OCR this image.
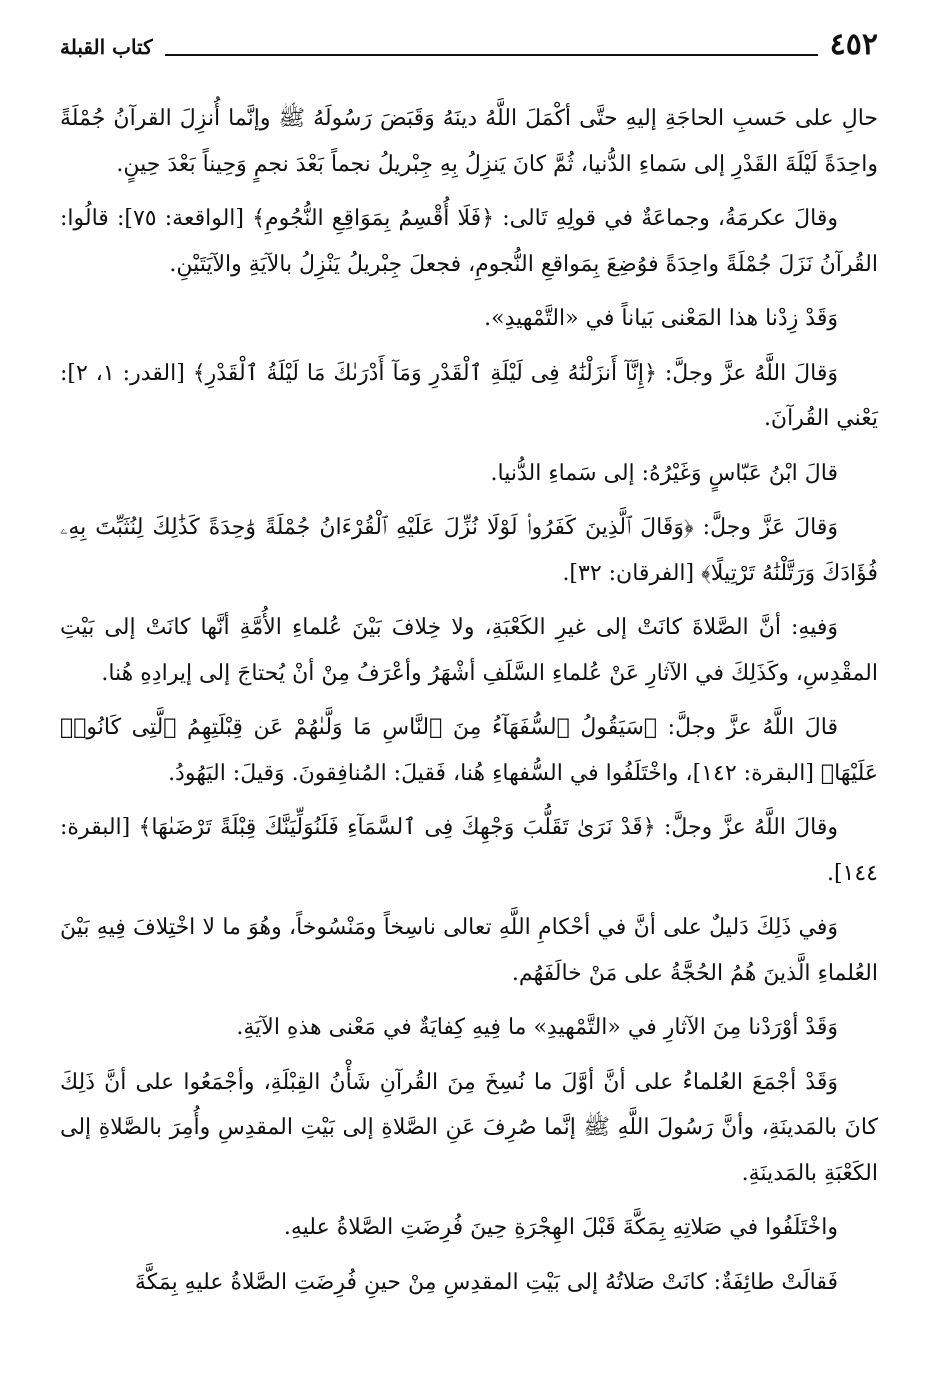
٤٥٢
كتاب القبلة

حالِ على حَسبِ الحاجَةِ إليهِ حتَّى أكْمَلَ اللَّهُ دينَهُ وَقَبَضَ رَسُولَهُ ﷺ وإنَّما أُنزِلَ القرآنُ جُمْلَةً واحِدَةً لَيْلَةَ القَدْرِ إلى سَماءِ الدُّنيا، ثُمَّ كانَ يَنزِلُ بِهِ جِبْريلُ نجماً بَعْدَ نجمٍ وَحِيناً بَعْدَ حِينٍ.

وقالَ عكرمَةُ، وجماعَةٌ في قولِهِ تَالى: ﴿فَلَا أُقْسِمُ بِمَوَاقِعِ النُّجُومِ﴾ [الواقعة: ٧٥]: قالُوا: القُرآنُ نَزَلَ جُمْلَةً واحِدَةً فوُضِعَ بِمَواقعِ النُّجومِ، فجعلَ جِبْريلُ يَنْزِلُ بالآيَةِ والآيَتَيْنِ.

وَقَدْ زِدْنا هذا المَعْنى بَياناً في «التَّمْهيدِ».

وَقالَ اللَّهُ عزَّ وجلَّ: ﴿إِنَّآ أَنزَلْنَٰهُ فِى لَيْلَةِ ٱلْقَدْرِ وَمَآ أَدْرَىٰكَ مَا لَيْلَةُ ٱلْقَدْرِ﴾ [القدر: ١، ٢]: يَعْني القُرآنَ.

قالَ ابْنُ عَبّاسٍ وَغَيْرُهُ: إلى سَماءِ الدُّنيا.

وَقالَ عَزَّ وجلَّ: ﴿وَقَالَ ٱلَّذِينَ كَفَرُوا۟ لَوْلَا نُزِّلَ عَلَيْهِ ٱلْقُرْءَانُ جُمْلَةً وَٰحِدَةً كَذَٰلِكَ لِنُثَبِّتَ بِهِۦ فُؤَادَكَ وَرَتَّلْنَٰهُ تَرْتِيلًا﴾ [الفرقان: ٣٢].

وَفيهِ: أنَّ الصَّلاةَ كانَتْ إلى غيرِ الكَعْبَةِ، ولا خِلافَ بَيْنَ عُلماءِ الأُمَّةِ أنَّها كانَتْ إلى بَيْتِ المقْدِسِ، وكَذَلِكَ في الآثارِ عَنْ عُلماءِ السَّلَفِ أشْهَرُ وأعْرَفُ مِنْ أنْ يُحتاجَ إلى إيرادِهِ هُنا.

قالَ اللَّهُ عزَّ وجلَّ: ﴿سَيَقُولُ ٱلسُّفَهَآءُ مِنَ ٱلنَّاسِ مَا وَلَّىٰهُمْ عَن قِبْلَتِهِمُ ٱلَّتِى كَانُوا۟ عَلَيْهَا﴾ [البقرة: ١٤٢]، واخْتَلَفُوا في السُّفهاءِ هُنا، فَقيلَ: المُنافِقونَ. وَقيلَ: اليَهُودُ.

وقالَ اللَّهُ عزَّ وجلَّ: ﴿قَدْ نَرَىٰ تَقَلُّبَ وَجْهِكَ فِى ٱلسَّمَآءِ فَلَنُوَلِّيَنَّكَ قِبْلَةً تَرْضَىٰهَا﴾ [البقرة: ١٤٤].

وَفي ذَلِكَ دَليلٌ على أنَّ في أحْكامِ اللَّهِ تعالى ناسِخاً ومَنْسُوخاً، وهُوَ ما لا اخْتِلافَ فِيهِ بَيْنَ العُلماءِ الَّذينَ هُمُ الحُجَّةُ على مَنْ خالَفَهُم.

وَقَدْ أوْرَدْنا مِنَ الآثارِ في «التَّمْهيدِ» ما فِيهِ كِفايَةٌ في مَعْنى هذهِ الآيَةِ.

وَقَدْ أجْمَعَ العُلماءُ على أنَّ أوَّلَ ما نُسِخَ مِنَ القُرآنِ شَأْنُ القِبْلَةِ، وأجْمَعُوا على أنَّ ذَلِكَ كانَ بالمَدينَةِ، وأنَّ رَسُولَ اللَّهِ ﷺ إنَّما صُرِفَ عَنِ الصَّلاةِ إلى بَيْتِ المقدِسِ وأُمِرَ بالصَّلاةِ إلى الكَعْبَةِ بالمَدينَةِ.

واخْتَلَفُوا في صَلاتِهِ بِمَكَّةَ قَبْلَ الهِجْرَةِ حِينَ فُرِضَتِ الصَّلاةُ عليهِ.

فَقالَتْ طائِفَةٌ: كانَتْ صَلاتُهُ إلى بَيْتِ المقدِسِ مِنْ حينِ فُرِضَتِ الصَّلاةُ عليهِ بِمَكَّةَ
